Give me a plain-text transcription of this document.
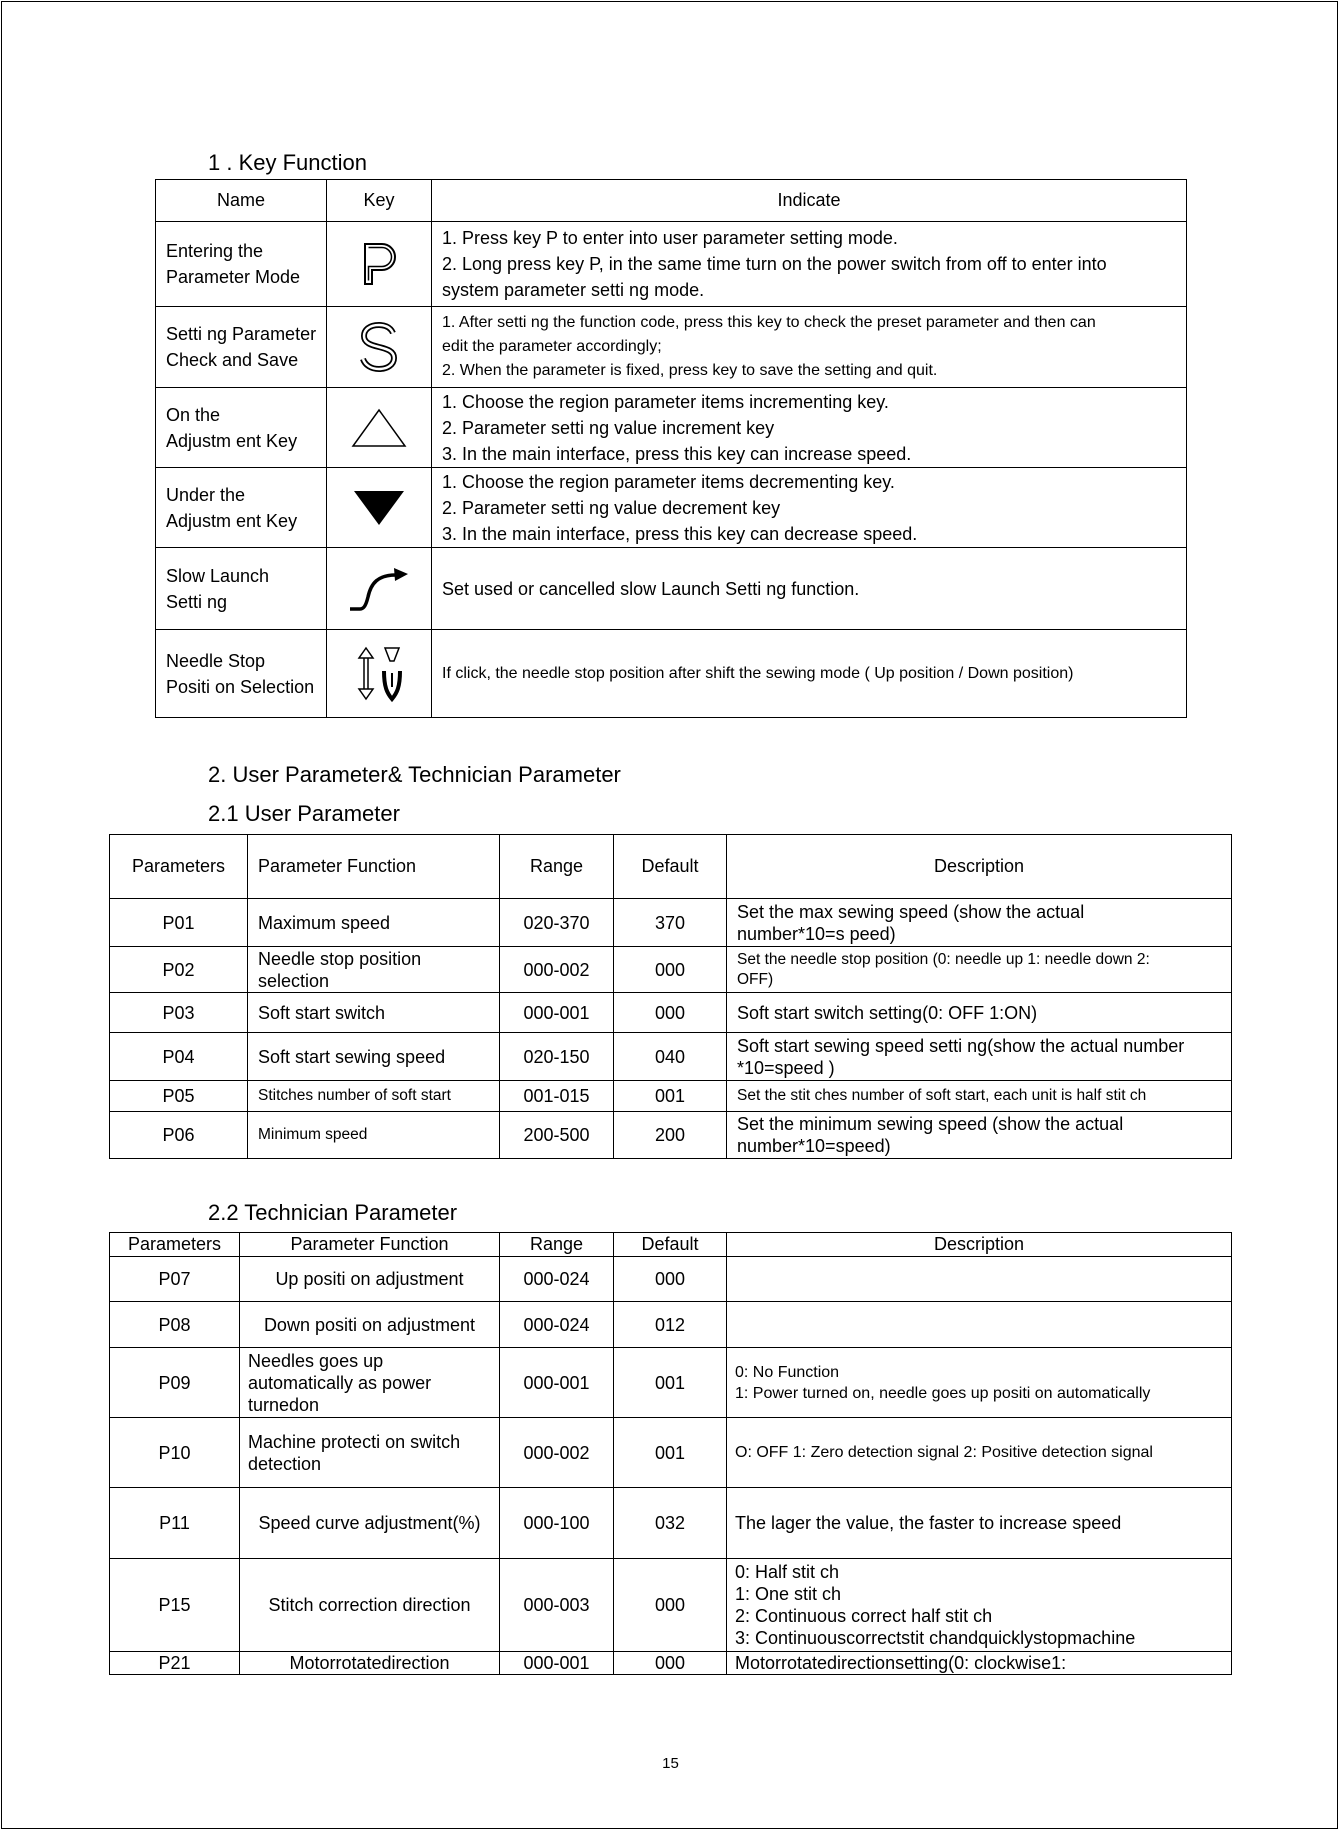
1 . Key Function
Name	Key	Indicate

Entering the
Parameter Mode		1. Press key P to enter into user parameter setting mode.
2. Long press key P, in the same time turn on the power switch from off to enter into
system parameter setti ng mode.

Setti ng Parameter
Check and Save		1. After setti ng the function code, press this key to check the preset parameter and then can
edit the parameter accordingly;
2. When the parameter is fixed, press key to save the setting and quit.

On the
Adjustm ent Key		1. Choose the region parameter items incrementing key.
2. Parameter setti ng value increment key
3. In the main interface, press this key can increase speed.

Under the
Adjustm ent Key		1. Choose the region parameter items decrementing key.
2. Parameter setti ng value decrement key
3. In the main interface, press this key can decrease speed.

Slow Launch
Setti ng		Set used or cancelled slow Launch Setti ng function.

Needle Stop
Positi on Selection		If click, the needle stop position after shift the sewing mode ( Up position / Down position)
2. User Parameter& Technician Parameter
2.1 User Parameter
Parameters	Parameter Function	Range	Default	Description
P01	Maximum speed	020-370	370	Set the max sewing speed (show the actual
number*10=s peed)

P02	Needle stop position
selection	000-002	000	Set the needle stop position (0: needle up 1: needle down 2:
OFF)

P03	Soft start switch	000-001	000	Soft start switch setting(0: OFF 1:ON)

P04	Soft start sewing speed	020-150	040	Soft start sewing speed setti ng(show the actual number
*10=speed )

P05	Stitches number of soft start	001-015	001	Set the stit ches number of soft start, each unit is half stit ch

P06	Minimum speed	200-500	200	Set the minimum sewing speed (show the actual
number*10=speed)
2.2 Technician Parameter
Parameters	Parameter Function	Range	Default	Description
P07	Up positi on adjustment	000-024	000	
P08	Down positi on adjustment	000-024	012	
P09	Needles goes up
automatically as power
turnedon	000-001	001	0: No Function
1: Power turned on, needle goes up positi on automatically

P10	Machine protecti on switch
detection	000-002	001	O: OFF 1: Zero detection signal 2: Positive detection signal

P11	Speed curve adjustment(%)	000-100	032	The lager the value, the faster to increase speed

P15	Stitch correction direction	000-003	000	0: Half stit ch
1: One stit ch
2: Continuous correct half stit ch
3: Continuouscorrectstit chandquicklystopmachine

P21	Motorrotatedirection	000-001	000	Motorrotatedirectionsetting(0: clockwise1:
15
